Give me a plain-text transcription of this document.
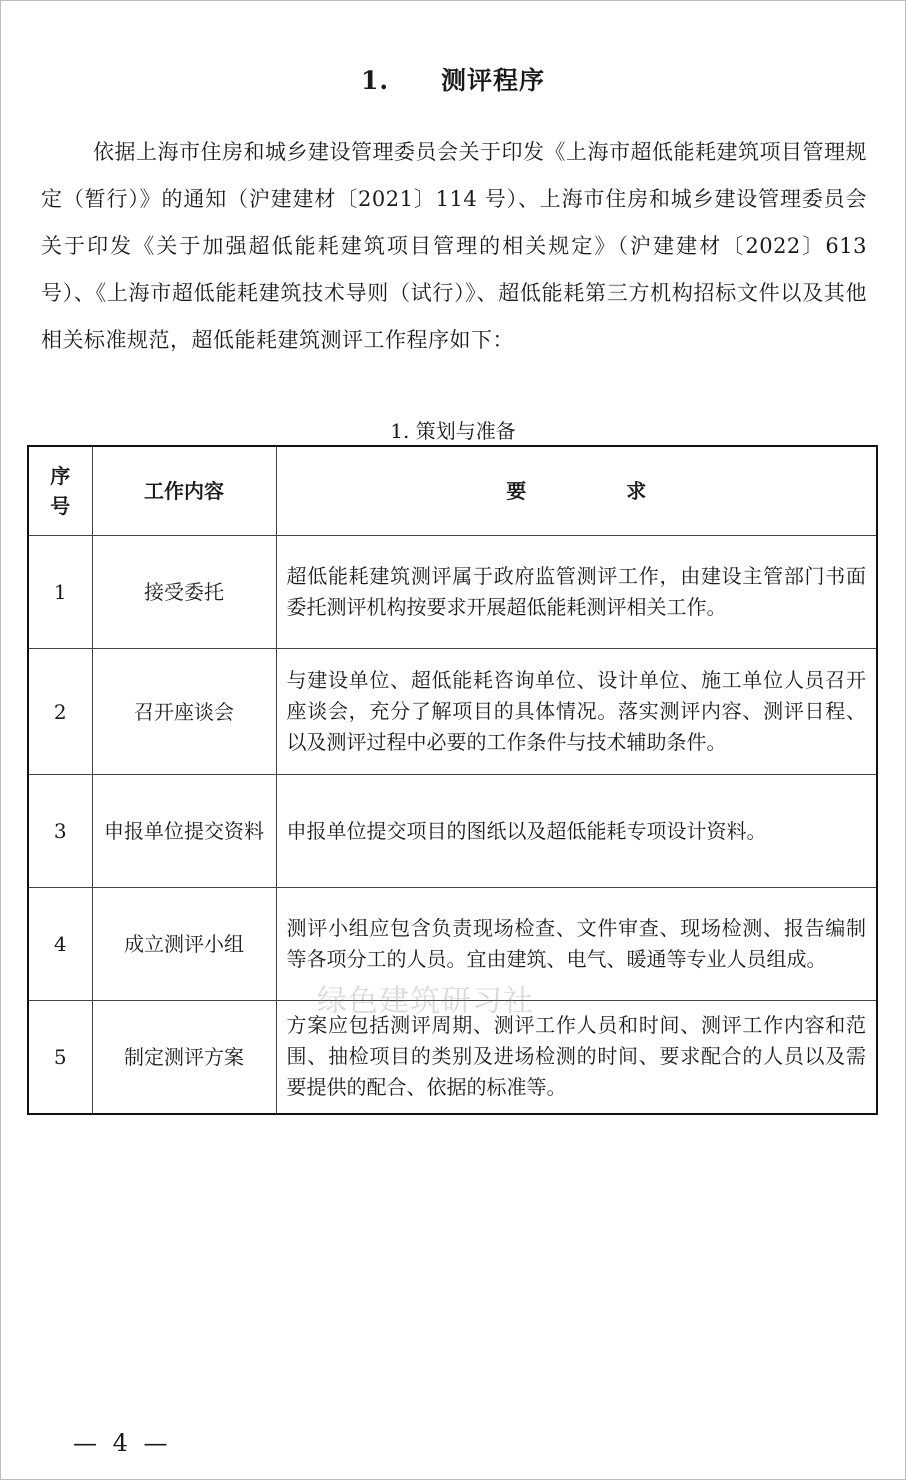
1. 测评程序
依据上海市住房和城乡建设管理委员会关于印发《上海市超低能耗建筑项目管理规定（暂行）》的通知（沪建建材〔2021〕114 号）、上海市住房和城乡建设管理委员会关于印发《关于加强超低能耗建筑项目管理的相关规定》（沪建建材〔2022〕613 号）、《上海市超低能耗建筑技术导则（试行）》、超低能耗第三方机构招标文件以及其他相关标准规范，超低能耗建筑测评工作程序如下：
1. 策划与准备
序号	工作内容	要求
1	接受委托	超低能耗建筑测评属于政府监管测评工作，由建设主管部门书面委托测评机构按要求开展超低能耗测评相关工作。
2	召开座谈会	与建设单位、超低能耗咨询单位、设计单位、施工单位人员召开座谈会，充分了解项目的具体情况。落实测评内容、测评日程、以及测评过程中必要的工作条件与技术辅助条件。
3	申报单位提交资料	申报单位提交项目的图纸以及超低能耗专项设计资料。
4	成立测评小组	测评小组应包含负责现场检查、文件审查、现场检测、报告编制等各项分工的人员。宜由建筑、电气、暖通等专业人员组成。
5	制定测评方案	方案应包括测评周期、测评工作人员和时间、测评工作内容和范围、抽检项目的类别及进场检测的时间、要求配合的人员以及需要提供的配合、依据的标准等。
绿色建筑研习社
— 4 —
